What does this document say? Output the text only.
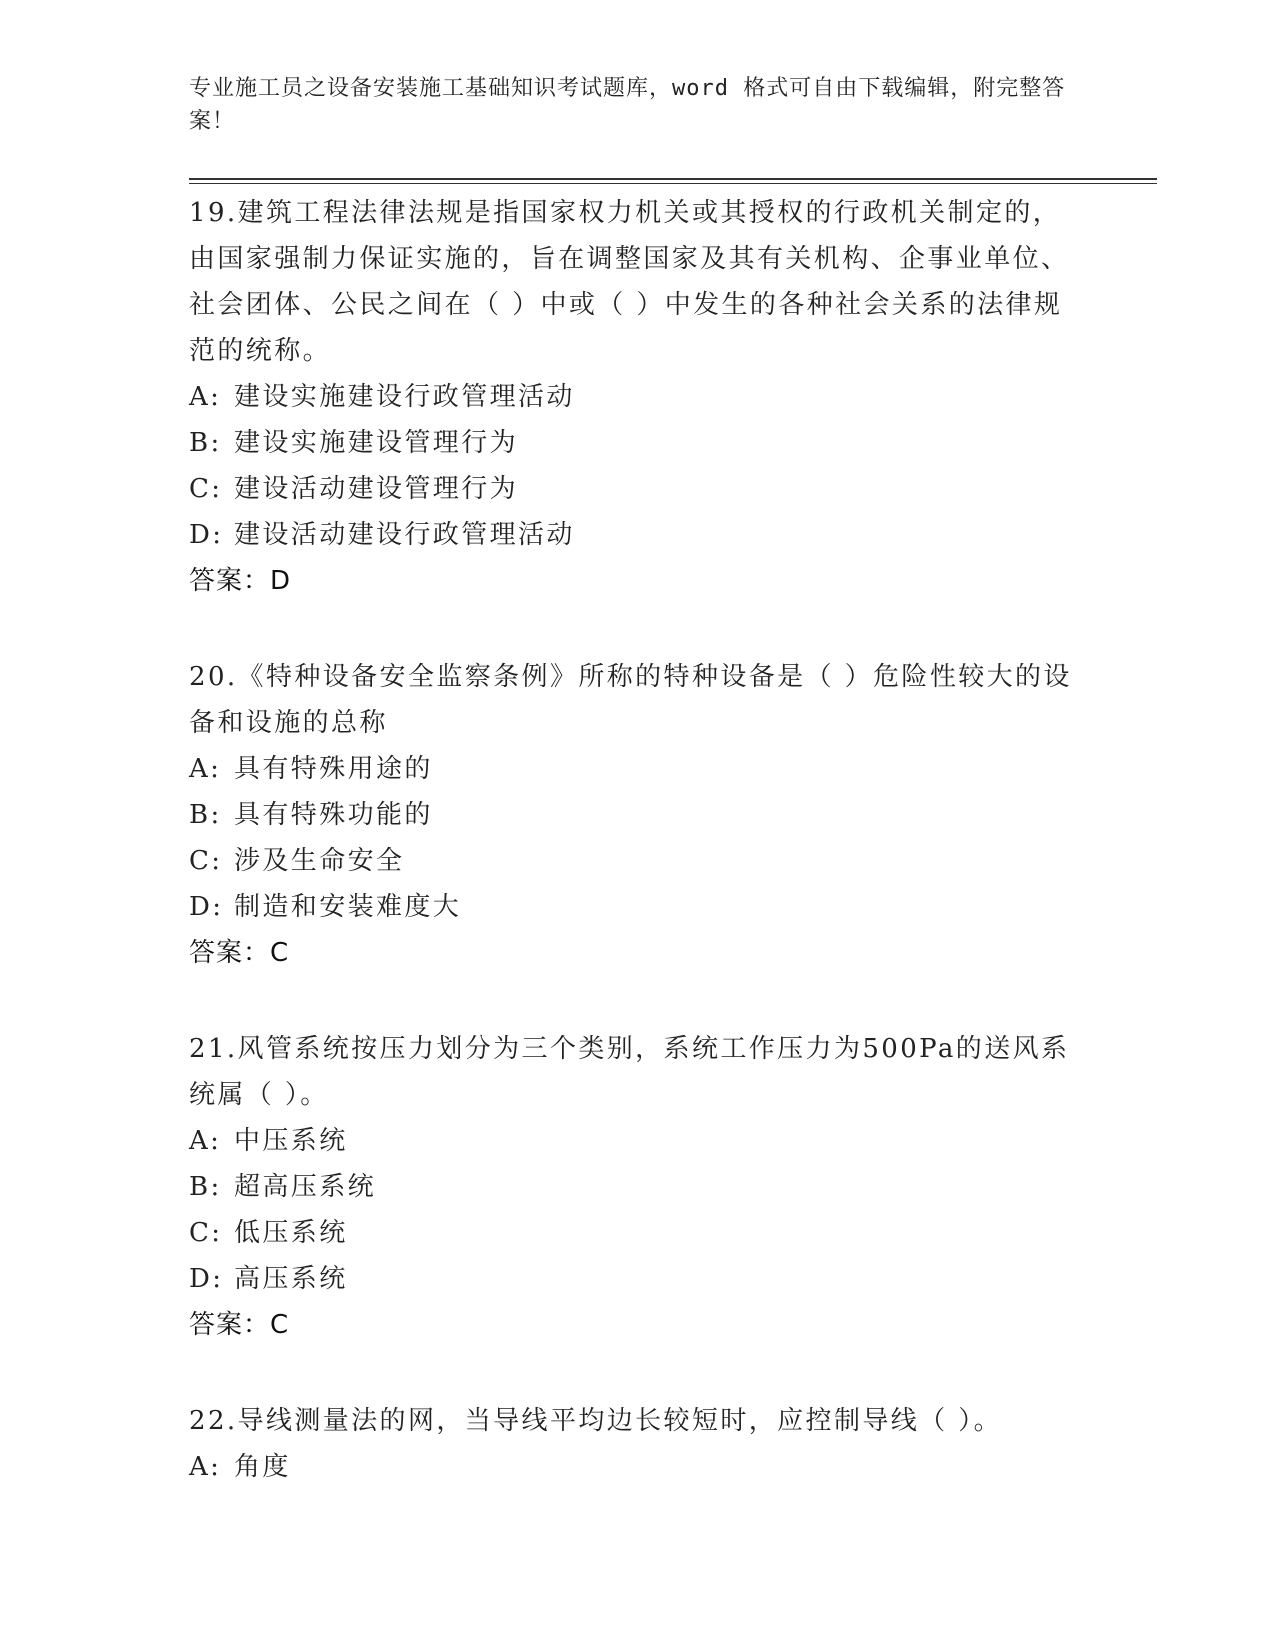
专业施工员之设备安装施工基础知识考试题库，word 格式可自由下载编辑，附完整答案！

19.建筑工程法律法规是指国家权力机关或其授权的行政机关制定的，由国家强制力保证实施的，旨在调整国家及其有关机构、企事业单位、社会团体、公民之间在（ ）中或（ ）中发生的各种社会关系的法律规范的统称。

A: 建设实施建设行政管理活动

B: 建设实施建设管理行为

C: 建设活动建设管理行为

D: 建设活动建设行政管理活动

答案：D

20.《特种设备安全监察条例》所称的特种设备是（ ）危险性较大的设备和设施的总称

A: 具有特殊用途的

B: 具有特殊功能的

C: 涉及生命安全

D: 制造和安装难度大

答案：C

21.风管系统按压力划分为三个类别，系统工作压力为500Pa的送风系统属（ ）。

A: 中压系统

B: 超高压系统

C: 低压系统

D: 高压系统

答案：C

22.导线测量法的网，当导线平均边长较短时，应控制导线（ ）。

A: 角度
